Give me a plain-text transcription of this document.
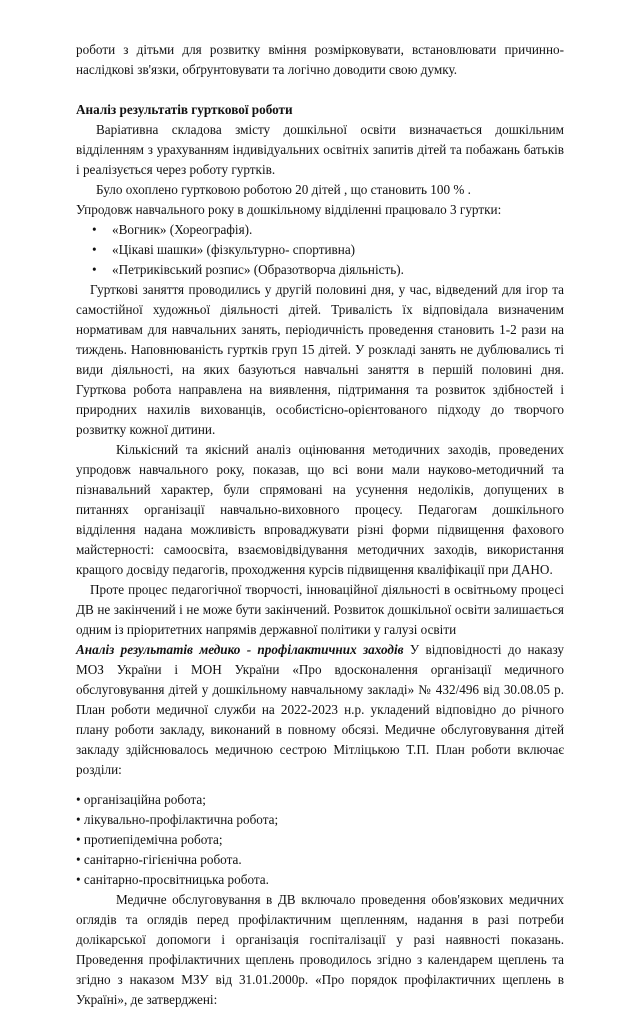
роботи з дітьми для розвитку вміння розмірковувати, встановлювати причинно-наслідкові зв'язки, обґрунтовувати та логічно доводити свою думку.

Аналіз результатів гурткової роботи

Варіативна складова змісту дошкільної освіти визначається дошкільним відділенням з урахуванням індивідуальних освітніх запитів дітей та побажань батьків і реалізується через роботу гуртків.

Було охоплено гуртковою роботою 20 дітей , що становить 100 % .

Упродовж навчального року в дошкільному відділенні працювало 3 гуртки:

• «Вогник» (Хореографія).
• «Цікаві шашки» (фізкультурно- спортивна)
• «Петриківський розпис» (Образотворча діяльність).

Гурткові заняття проводились у другій половині дня, у час, відведений для ігор та самостійної художньої діяльності дітей. Тривалість їх відповідала визначеним нормативам для навчальних занять, періодичність проведення становить 1-2 рази на тиждень. Наповнюваність гуртків груп 15 дітей. У розкладі занять не дублювались ті види діяльності, на яких базуються навчальні заняття в першій половині дня. Гурткова робота направлена на виявлення, підтримання та розвиток здібностей і природних нахилів вихованців, особистісно-орієнтованого підходу до творчого розвитку кожної дитини.

Кількісний та якісний аналіз оцінювання методичних заходів, проведених упродовж навчального року, показав, що всі вони мали науково-методичний та пізнавальний характер, були спрямовані на усунення недоліків, допущених в питаннях організації навчально-виховного процесу. Педагогам дошкільного відділення надана можливість впроваджувати різні форми підвищення фахового майстерності: самоосвіта, взаємовідвідування методичних заходів, використання кращого досвіду педагогів, проходження курсів підвищення кваліфікації при ДАНО.

Проте процес педагогічної творчості, інноваційної діяльності в освітньому процесі ДВ не закінчений і не може бути закінчений. Розвиток дошкільної освіти залишається одним із пріоритетних напрямів державної політики у галузі освіти

Аналіз результатів медико - профілактичних заходів У відповідності до наказу МОЗ України і МОН України «Про вдосконалення організації медичного обслуговування дітей у дошкільному навчальному закладі» № 432/496 від 30.08.05 р. План роботи медичної служби на 2022-2023 н.р. укладений відповідно до річного плану роботи закладу, виконаний в повному обсязі. Медичне обслуговування дітей закладу здійснювалось медичною сестрою Мітліцькою Т.П. План роботи включає розділи:

• організаційна робота;
• лікувально-профілактична робота;
• протиепідемічна робота;
• санітарно-гігієнічна робота.
• санітарно-просвітницька робота.

Медичне обслуговування в ДВ включало проведення обов'язкових медичних оглядів та оглядів перед профілактичним щепленням, надання в разі потреби долікарської допомоги і організація госпіталізації у разі наявності показань. Проведення профілактичних щеплень проводилось згідно з календарем щеплень та згідно з наказом МЗУ від 31.01.2000р. «Про порядок профілактичних щеплень в Україні», де затверджені:
